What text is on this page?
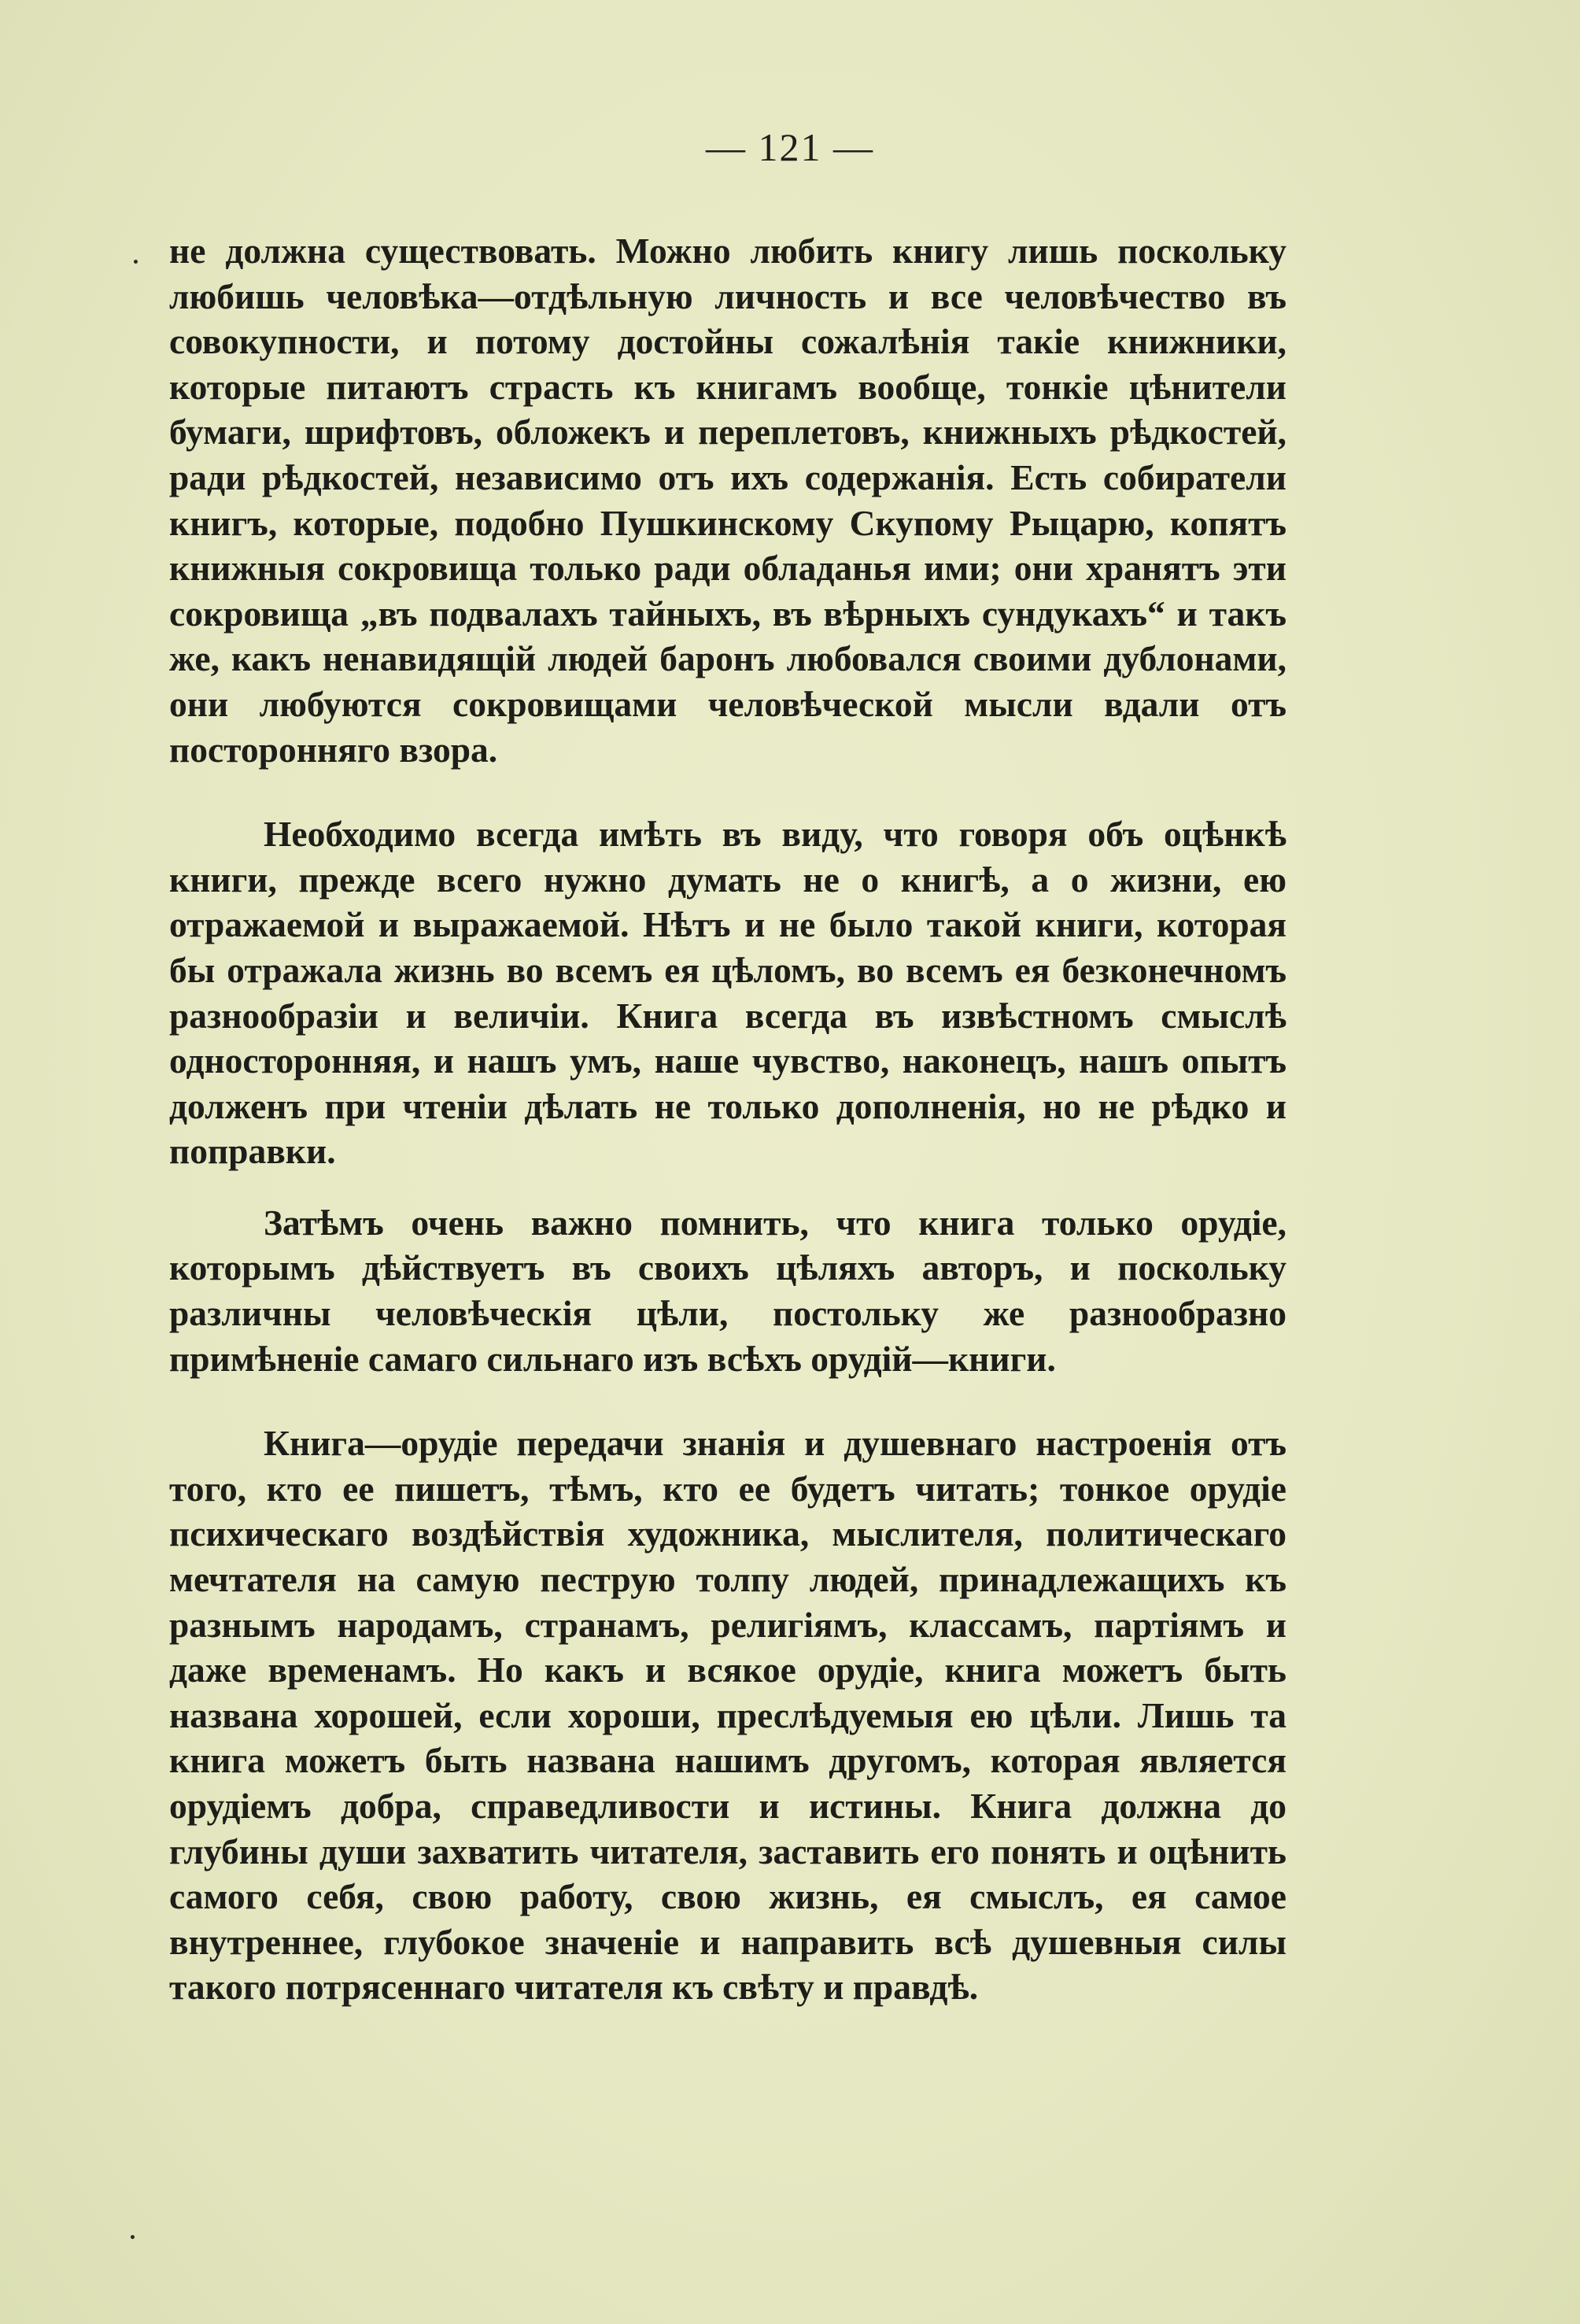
— 121 —

не должна существовать. Можно любить книгу лишь поскольку любишь человѣка—отдѣльную личность и все человѣчество въ совокупности, и потому достойны сожалѣнія такіе книжники, которые питаютъ страсть къ книгамъ вообще, тонкіе цѣнители бумаги, шрифтовъ, обложекъ и переплетовъ, книжныхъ рѣдкостей, ради рѣдкостей, независимо отъ ихъ содержанія. Есть собиратели книгъ, которые, подобно Пушкинскому Скупому Рыцарю, копятъ книжныя сокровища только ради обладанья ими; они хранятъ эти сокровища „въ подвалахъ тайныхъ, въ вѣрныхъ сундукахъ“ и такъ же, какъ ненавидящій людей баронъ любовался своими дублонами, они любуются сокровищами человѣческой мысли вдали отъ посторонняго взора.

Необходимо всегда имѣть въ виду, что говоря объ оцѣнкѣ книги, прежде всего нужно думать не о книгѣ, а о жизни, ею отражаемой и выражаемой. Нѣтъ и не было такой книги, которая бы отражала жизнь во всемъ ея цѣломъ, во всемъ ея безконечномъ разнообразіи и величіи. Книга всегда въ извѣстномъ смыслѣ односторонняя, и нашъ умъ, наше чувство, наконецъ, нашъ опытъ долженъ при чтеніи дѣлать не только дополненія, но не рѣдко и поправки.

Затѣмъ очень важно помнить, что книга только орудіе, которымъ дѣйствуетъ въ своихъ цѣляхъ авторъ, и поскольку различны человѣческія цѣли, постольку же разнообразно примѣненіе самаго сильнаго изъ всѣхъ орудій—книги.

Книга—орудіе передачи знанія и душевнаго настроенія отъ того, кто ее пишетъ, тѣмъ, кто ее будетъ читать; тонкое орудіе психическаго воздѣйствія художника, мыслителя, политическаго мечтателя на самую пеструю толпу людей, принадлежащихъ къ разнымъ народамъ, странамъ, религіямъ, классамъ, партіямъ и даже временамъ. Но какъ и всякое орудіе, книга можетъ быть названа хорошей, если хороши, преслѣдуемыя ею цѣли. Лишь та книга можетъ быть названа нашимъ другомъ, которая является орудіемъ добра, справедливости и истины. Книга должна до глубины души захватить читателя, заставить его понять и оцѣнить самого себя, свою работу, свою жизнь, ея смыслъ, ея самое внутреннее, глубокое значеніе и направить всѣ душевныя силы такого потрясеннаго читателя къ свѣту и правдѣ.
